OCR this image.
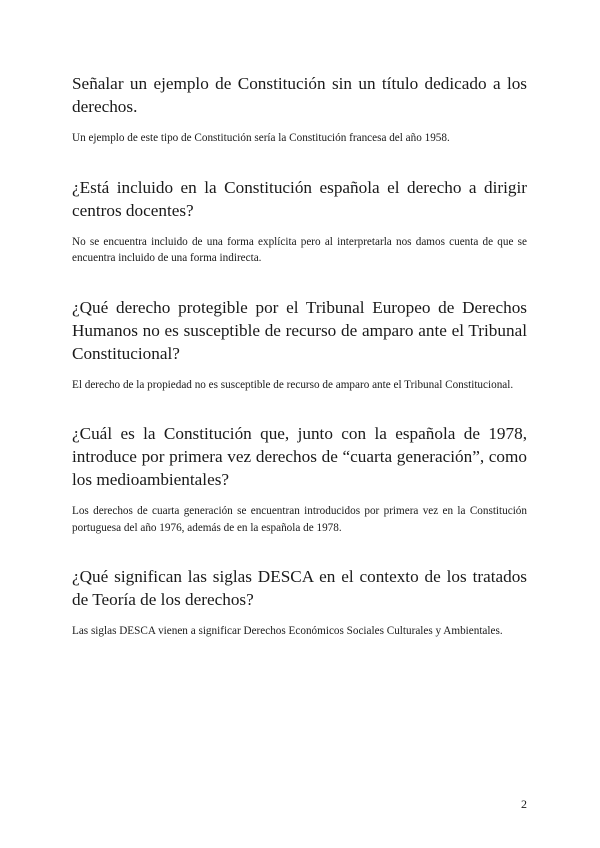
Señalar un ejemplo de Constitución sin un título dedicado a los derechos.

Un ejemplo de este tipo de Constitución sería la Constitución francesa del año 1958.

¿Está incluido en la Constitución española el derecho a dirigir centros docentes?

No se encuentra incluido de una forma explícita pero al interpretarla nos damos cuenta de que se encuentra incluido de una forma indirecta.

¿Qué derecho protegible por el Tribunal Europeo de Derechos Humanos no es susceptible de recurso de amparo ante el Tribunal Constitucional?

El derecho de la propiedad no es susceptible de recurso de amparo ante el Tribunal Constitucional.

¿Cuál es la Constitución que, junto con la española de 1978, introduce por primera vez derechos de “cuarta generación”, como los medioambientales?

Los derechos de cuarta generación se encuentran introducidos por primera vez en la Constitución portuguesa del año 1976, además de en la española de 1978.

¿Qué significan las siglas DESCA en el contexto de los tratados de Teoría de los derechos?

Las siglas DESCA vienen a significar Derechos Económicos Sociales Culturales y Ambientales.

2
